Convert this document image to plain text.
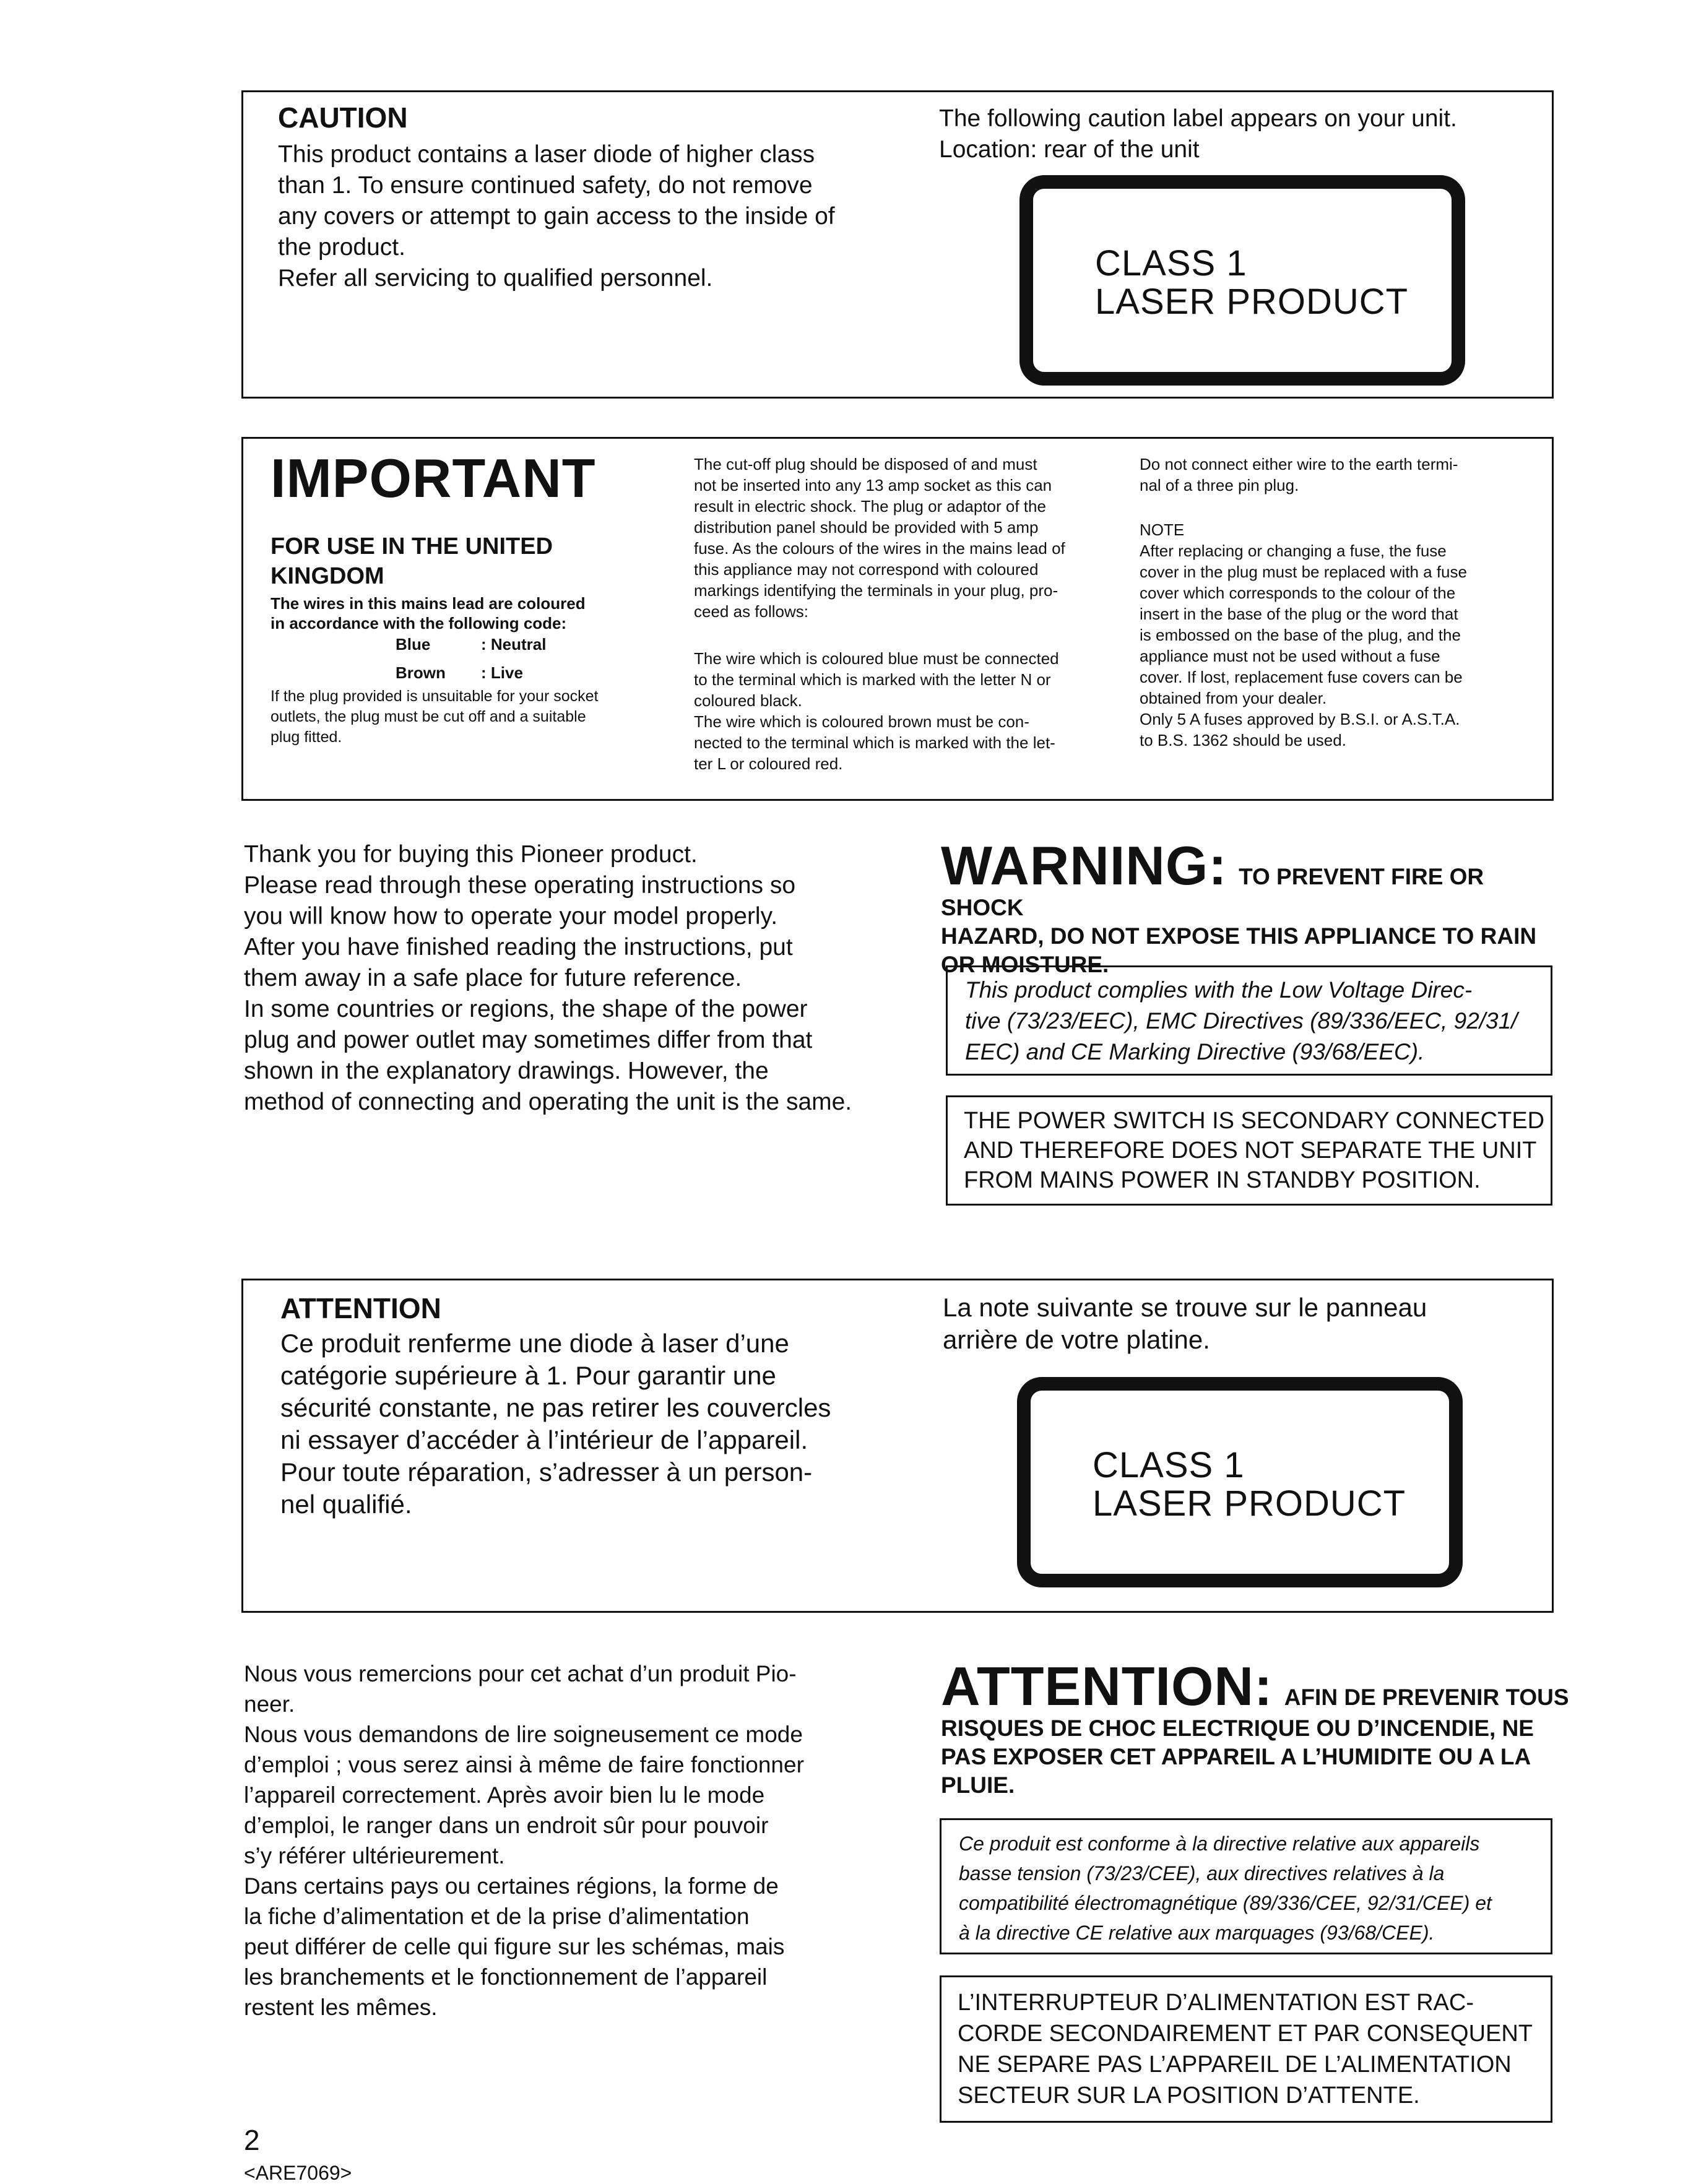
CAUTION

This product contains a laser diode of higher class
than 1. To ensure continued safety, do not remove
any covers or attempt to gain access to the inside of
the product.
Refer all servicing to qualified personnel.

The following caution label appears on your unit.
Location: rear of the unit

CLASS 1
LASER PRODUCT

IMPORTANT

FOR USE IN THE UNITED
KINGDOM

The wires in this mains lead are coloured
in accordance with the following code:

Blue	: Neutral

Brown : Live

If the plug provided is unsuitable for your socket
outlets, the plug must be cut off and a suitable
plug fitted.

The cut-off plug should be disposed of and must
not be inserted into any 13 amp socket as this can
result in electric shock. The plug or adaptor of the
distribution panel should be provided with 5 amp
fuse. As the colours of the wires in the mains lead of
this appliance may not correspond with coloured
markings identifying the terminals in your plug, pro-
ceed as follows:

The wire which is coloured blue must be connected
to the terminal which is marked with the letter N or
coloured black.
The wire which is coloured brown must be con-
nected to the terminal which is marked with the let-
ter L or coloured red.

Do not connect either wire to the earth termi-
nal of a three pin plug.

NOTE
After replacing or changing a fuse, the fuse
cover in the plug must be replaced with a fuse
cover which corresponds to the colour of the
insert in the base of the plug or the word that
is embossed on the base of the plug, and the
appliance must not be used without a fuse
cover. If lost, replacement fuse covers can be
obtained from your dealer.
Only 5 A fuses approved by B.S.I. or A.S.T.A.
to B.S. 1362 should be used.

Thank you for buying this Pioneer product.
Please read through these operating instructions so
you will know how to operate your model properly.
After you have finished reading the instructions, put
them away in a safe place for future reference.
In some countries or regions, the shape of the power
plug and power outlet may sometimes differ from that
shown in the explanatory drawings. However, the
method of connecting and operating the unit is the same.

WARNING: TO PREVENT FIRE OR SHOCK

HAZARD, DO NOT EXPOSE THIS APPLIANCE TO RAIN
OR MOISTURE.

This product complies with the Low Voltage Direc-
tive (73/23/EEC), EMC Directives (89/336/EEC, 92/31/
EEC) and CE Marking Directive (93/68/EEC).

THE POWER SWITCH IS SECONDARY CONNECTED
AND THEREFORE DOES NOT SEPARATE THE UNIT
FROM MAINS POWER IN STANDBY POSITION.

ATTENTION

Ce produit renferme une diode à laser d’une
catégorie supérieure à 1. Pour garantir une
sécurité constante, ne pas retirer les couvercles
ni essayer d’accéder à l’intérieur de l’appareil.
Pour toute réparation, s’adresser à un person-
nel qualifié.

La note suivante se trouve sur le panneau
arrière de votre platine.

CLASS 1
LASER PRODUCT

Nous vous remercions pour cet achat d’un produit Pio-
neer.
Nous vous demandons de lire soigneusement ce mode
d’emploi ; vous serez ainsi à même de faire fonctionner
l’appareil correctement. Après avoir bien lu le mode
d’emploi, le ranger dans un endroit sûr pour pouvoir
s’y référer ultérieurement.
Dans certains pays ou certaines régions, la forme de
la fiche d’alimentation et de la prise d’alimentation
peut différer de celle qui figure sur les schémas, mais
les branchements et le fonctionnement de l’appareil
restent les mêmes.

ATTENTION: AFIN DE PREVENIR TOUS

RISQUES DE CHOC ELECTRIQUE OU D’INCENDIE, NE
PAS EXPOSER CET APPAREIL A L’HUMIDITE OU A LA
PLUIE.

Ce produit est conforme à la directive relative aux appareils
basse tension (73/23/CEE), aux directives relatives à la
compatibilité électromagnétique (89/336/CEE, 92/31/CEE) et
à la directive CE relative aux marquages (93/68/CEE).

L’INTERRUPTEUR D’ALIMENTATION EST RAC-
CORDE SECONDAIREMENT ET PAR CONSEQUENT
NE SEPARE PAS L’APPAREIL DE L’ALIMENTATION
SECTEUR SUR LA POSITION D’ATTENTE.

2

<ARE7069>
